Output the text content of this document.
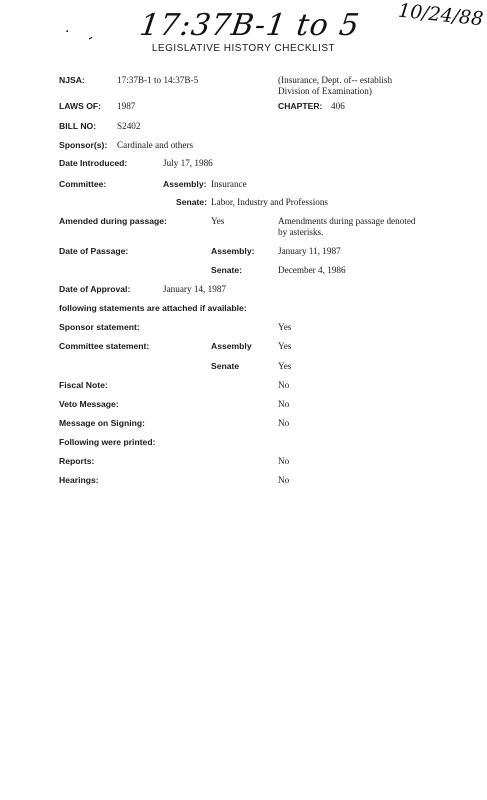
· - 17:37B-1 to 5 10/24/88
LEGISLATIVE HISTORY CHECKLIST
NJSA:	17:37B-1 to 14:37B-5	(Insurance, Dept. of-- establish
Division of Examination)
LAWS OF: 1987	CHAPTER: 406
BILL NO: S2402
Sponsor(s): Cardinale and others
Date Introduced:	July 17, 1986
Committee:	Assembly: Insurance
Senate: Labor, Industry and Professions
Amended during passage:	Yes	Amendments during passage denoted
by asterisks.
Date of Passage:	Assembly:	January 11, 1987
Senate:	December 4, 1986
Date of Approval:	January 14, 1987
following statements are attached if available:
Sponsor statement:	Yes
Committee statement:	Assembly	Yes
Senate	Yes
Fiscal Note:	No
Veto Message:	No
Message on Signing:	No
Following were printed:
Reports:	No
Hearings:	No
